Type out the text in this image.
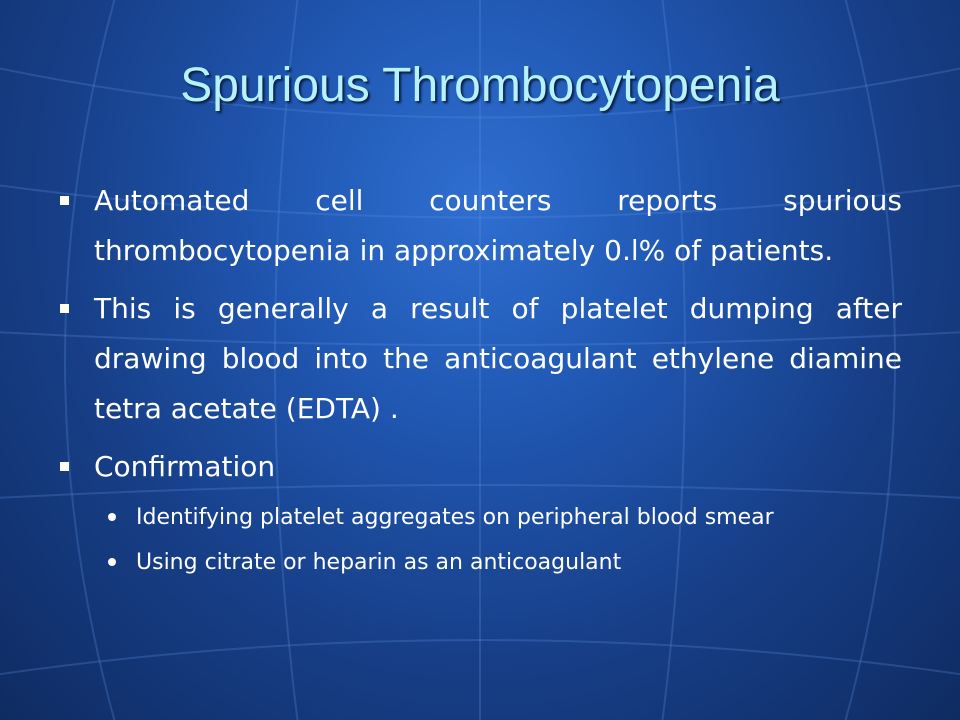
Spurious Thrombocytopenia
Automated cell counters reports spurious thrombocytopenia in approximately 0.l% of patients.
This is generally a result of platelet dumping after drawing blood into the anticoagulant ethylene diamine tetra acetate (EDTA) .
Confirmation
Identifying platelet aggregates on peripheral blood smear
Using citrate or heparin as an anticoagulant
